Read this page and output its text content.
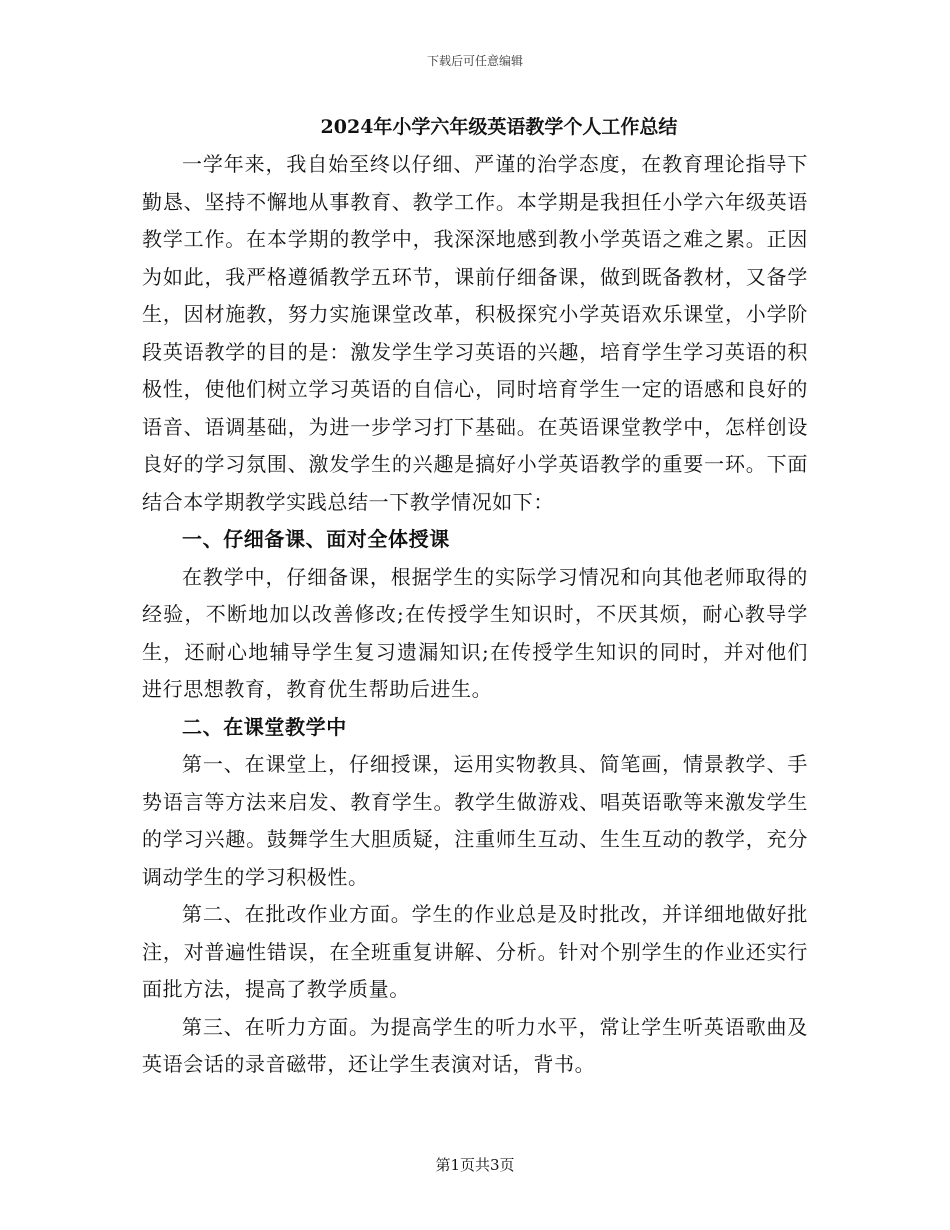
下载后可任意编辑
2024年小学六年级英语教学个人工作总结

一学年来，我自始至终以仔细、严谨的治学态度，在教育理论指导下勤恳、坚持不懈地从事教育、教学工作。本学期是我担任小学六年级英语教学工作。在本学期的教学中，我深深地感到教小学英语之难之累。正因为如此，我严格遵循教学五环节，课前仔细备课，做到既备教材，又备学生，因材施教，努力实施课堂改革，积极探究小学英语欢乐课堂，小学阶段英语教学的目的是：激发学生学习英语的兴趣，培育学生学习英语的积极性，使他们树立学习英语的自信心，同时培育学生一定的语感和良好的语音、语调基础，为进一步学习打下基础。在英语课堂教学中，怎样创设良好的学习氛围、激发学生的兴趣是搞好小学英语教学的重要一环。下面结合本学期教学实践总结一下教学情况如下：

一、仔细备课、面对全体授课

在教学中，仔细备课，根据学生的实际学习情况和向其他老师取得的经验，不断地加以改善修改;在传授学生知识时，不厌其烦，耐心教导学生，还耐心地辅导学生复习遗漏知识;在传授学生知识的同时，并对他们进行思想教育，教育优生帮助后进生。

二、在课堂教学中

第一、在课堂上，仔细授课，运用实物教具、简笔画，情景教学、手势语言等方法来启发、教育学生。教学生做游戏、唱英语歌等来激发学生的学习兴趣。鼓舞学生大胆质疑，注重师生互动、生生互动的教学，充分调动学生的学习积极性。

第二、在批改作业方面。学生的作业总是及时批改，并详细地做好批注，对普遍性错误，在全班重复讲解、分析。针对个别学生的作业还实行面批方法，提高了教学质量。

第三、在听力方面。为提高学生的听力水平，常让学生听英语歌曲及英语会话的录音磁带，还让学生表演对话，背书。

第1页共3页
